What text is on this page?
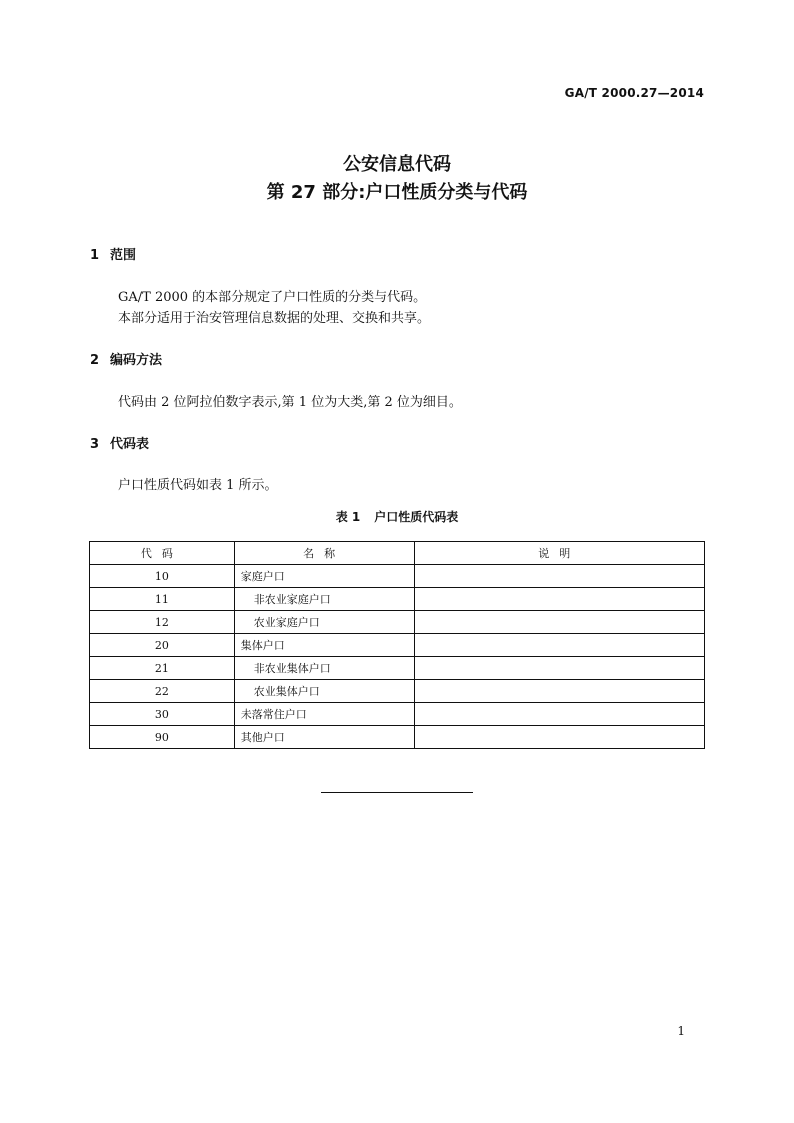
GA/T 2000.27—2014
公安信息代码
第 27 部分:户口性质分类与代码
1 范围
GA/T 2000 的本部分规定了户口性质的分类与代码。
本部分适用于治安管理信息数据的处理、交换和共享。
2 编码方法
代码由 2 位阿拉伯数字表示,第 1 位为大类,第 2 位为细目。
3 代码表
户口性质代码如表 1 所示。
表 1 户口性质代码表
代码	名称	说明
10	家庭户口	
11	非农业家庭户口	
12	农业家庭户口	
20	集体户口	
21	非农业集体户口	
22	农业集体户口	
30	未落常住户口	
90	其他户口	
1
